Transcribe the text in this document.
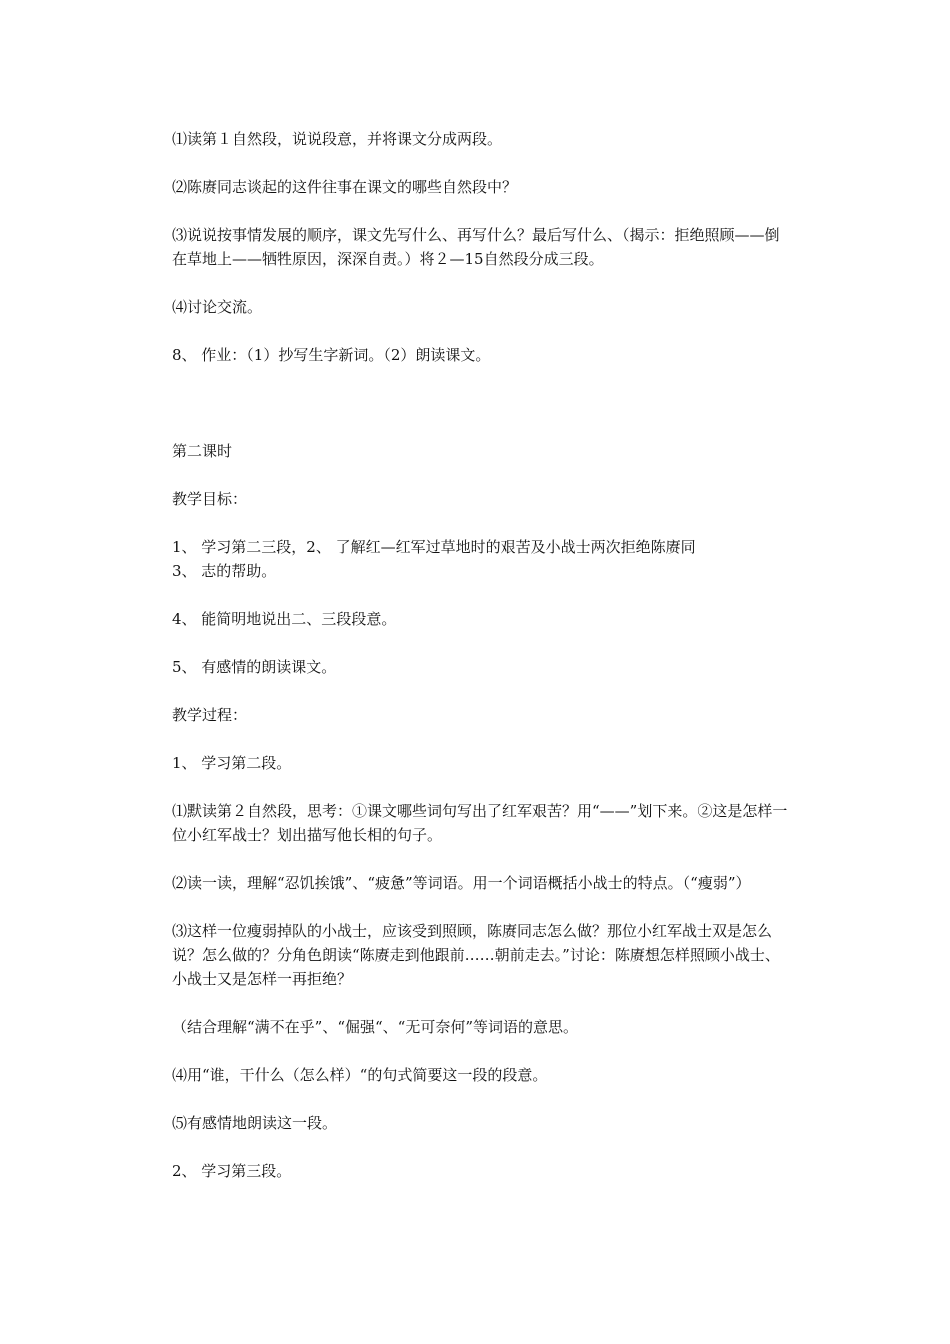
⑴读第１自然段，说说段意，并将课文分成两段。

⑵陈赓同志谈起的这件往事在课文的哪些自然段中？

⑶说说按事情发展的顺序，课文先写什么、再写什么？最后写什么、（揭示：拒绝照顾——倒在草地上——牺牲原因，深深自责。）将２—15自然段分成三段。

⑷讨论交流。

8、 作业：（1）抄写生字新词。（2）朗读课文。

第二课时

教学目标：

1、 学习第二三段，2、 了解红—红军过草地时的艰苦及小战士两次拒绝陈赓同

3、 志的帮助。

4、 能简明地说出二、三段段意。

5、 有感情的朗读课文。

教学过程：

1、 学习第二段。

⑴默读第２自然段，思考：①课文哪些词句写出了红军艰苦？用“——”划下来。②这是怎样一位小红军战士？划出描写他长相的句子。

⑵读一读，理解“忍饥挨饿”、“疲惫”等词语。用一个词语概括小战士的特点。（“瘦弱”）

⑶这样一位瘦弱掉队的小战士，应该受到照顾，陈赓同志怎么做？那位小红军战士双是怎么说？怎么做的？分角色朗读“陈赓走到他跟前……朝前走去。”讨论：陈赓想怎样照顾小战士、小战士又是怎样一再拒绝？

（结合理解“满不在乎”、“倔强“、“无可奈何”等词语的意思。

⑷用“谁，干什么（怎么样）“的句式简要这一段的段意。

⑸有感情地朗读这一段。

2、 学习第三段。
